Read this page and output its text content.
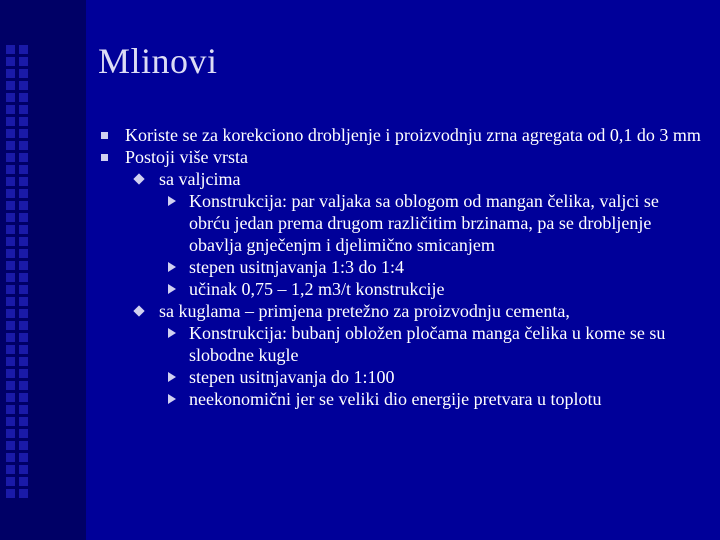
Mlinovi
Koriste se za korekciono drobljenje i proizvodnju zrna agregata od 0,1 do 3 mm
Postoji više vrsta
sa valjcima
Konstrukcija: par valjaka sa oblogom od mangan čelika, valjci se obrću jedan prema drugom različitim brzinama, pa se drobljenje obavlja gnječenjm i djelimično smicanjem
stepen usitnjavanja 1:3 do 1:4
učinak 0,75 – 1,2 m3/t konstrukcije
sa kuglama – primjena pretežno za proizvodnju cementa,
Konstrukcija: bubanj obložen pločama manga čelika u kome se su slobodne kugle
stepen usitnjavanja do 1:100
neekonomični jer se veliki dio energije pretvara u toplotu
